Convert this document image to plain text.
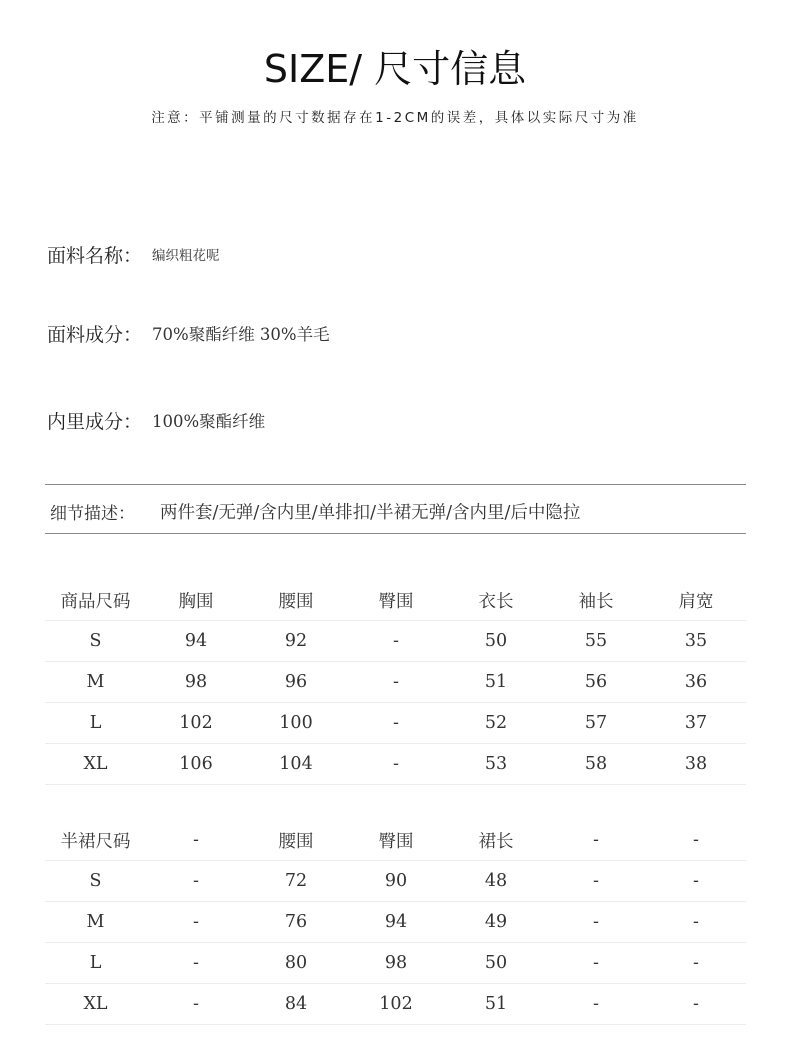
SIZE/ 尺寸信息
注意：平铺测量的尺寸数据存在1-2CM的误差，具体以实际尺寸为准
面料名称： 编织粗花呢
面料成分： 70%聚酯纤维 30%羊毛
内里成分： 100%聚酯纤维
细节描述：	两件套/无弹/含内里/单排扣/半裙无弹/含内里/后中隐拉
商品尺码	胸围	腰围	臀围	衣长	袖长	肩宽
S	94	92	-	50	55	35
M	98	96	-	51	56	36
L	102	100	-	52	57	37
XL	106	104	-	53	58	38
半裙尺码	-	腰围	臀围	裙长	-	-
S	-	72	90	48	-	-
M	-	76	94	49	-	-
L	-	80	98	50	-	-
XL	-	84	102	51	-	-
